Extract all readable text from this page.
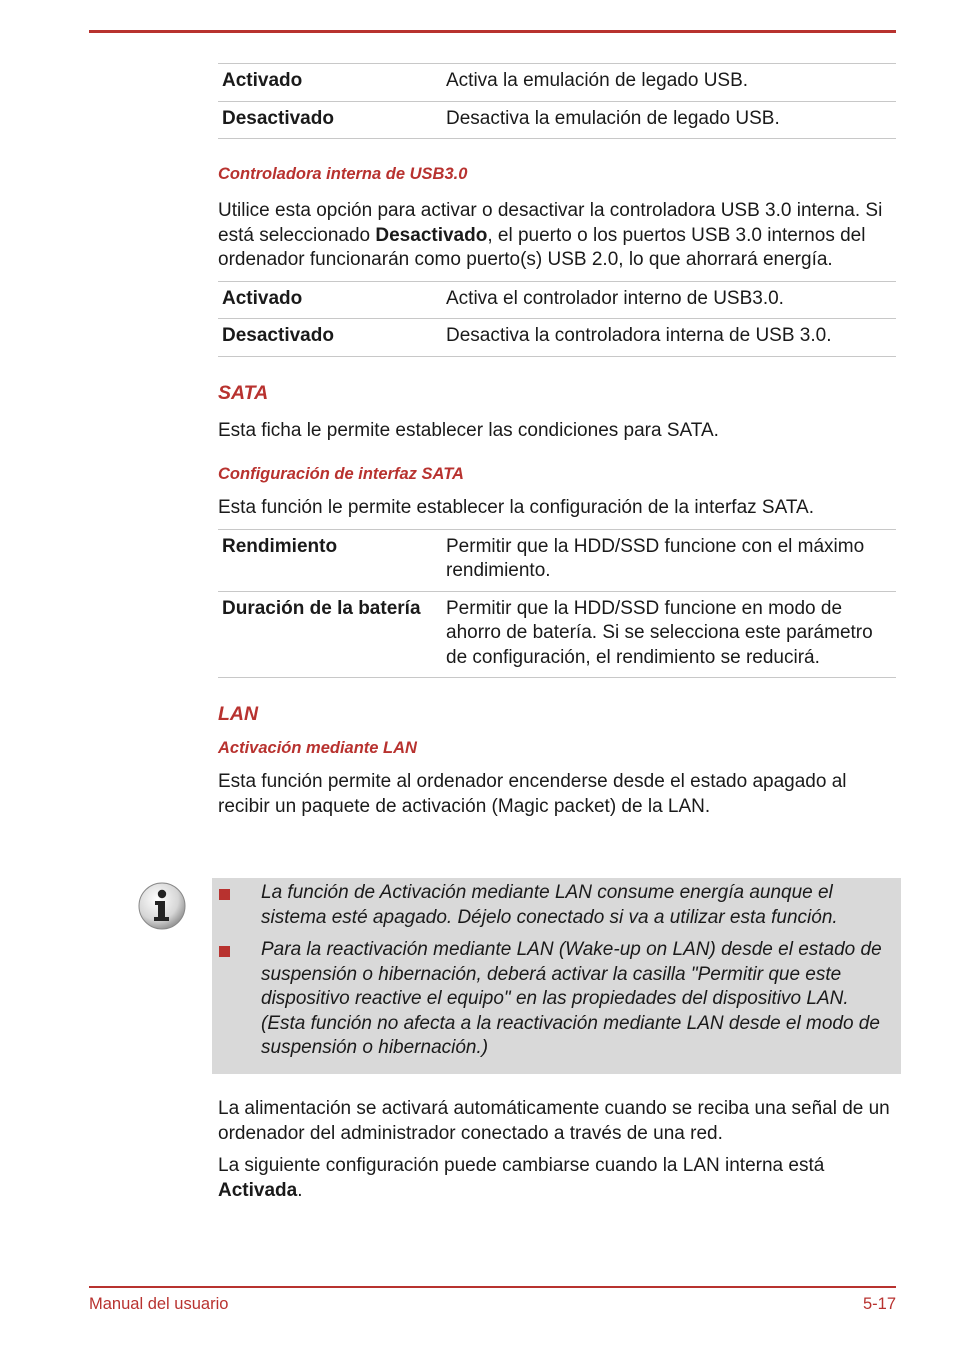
Activado	Activa la emulación de legado USB.
Desactivado	Desactiva la emulación de legado USB.
Controladora interna de USB3.0

Utilice esta opción para activar o desactivar la controladora USB 3.0 interna. Si está seleccionado Desactivado, el puerto o los puertos USB 3.0 internos del ordenador funcionarán como puerto(s) USB 2.0, lo que ahorrará energía.

Activado	Activa el controlador interno de USB3.0.
Desactivado	Desactiva la controladora interna de USB 3.0.
SATA

Esta ficha le permite establecer las condiciones para SATA.

Configuración de interfaz SATA

Esta función le permite establecer la configuración de la interfaz SATA.

Rendimiento	Permitir que la HDD/SSD funcione con el máximo rendimiento.
Duración de la batería	Permitir que la HDD/SSD funcione en modo de ahorro de batería. Si se selecciona este parámetro de configuración, el rendimiento se reducirá.
LAN
Activación mediante LAN

Esta función permite al ordenador encenderse desde el estado apagado al recibir un paquete de activación (Magic packet) de la LAN.

La función de Activación mediante LAN consume energía aunque el sistema esté apagado. Déjelo conectado si va a utilizar esta función.
Para la reactivación mediante LAN (Wake-up on LAN) desde el estado de suspensión o hibernación, deberá activar la casilla "Permitir que este dispositivo reactive el equipo" en las propiedades del dispositivo LAN. (Esta función no afecta a la reactivación mediante LAN desde el modo de suspensión o hibernación.)

La alimentación se activará automáticamente cuando se reciba una señal de un ordenador del administrador conectado a través de una red.

La siguiente configuración puede cambiarse cuando la LAN interna está Activada.

Manual del usuario	5-17
